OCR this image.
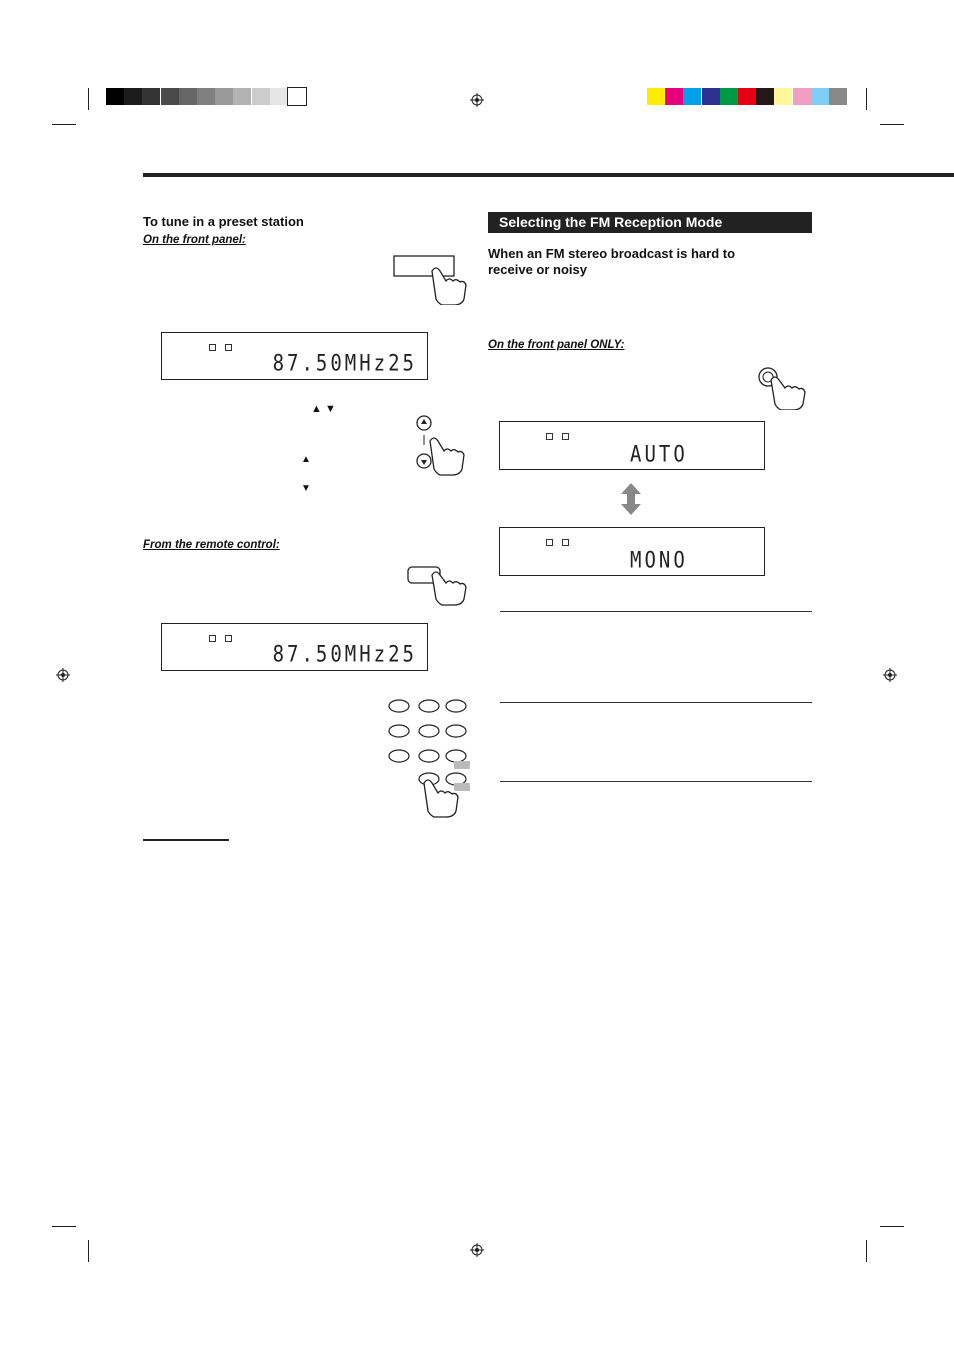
To tune in a preset station
On the front panel:
87.50MHz25
▲ ▼
▲
▼
From the remote control:
87.50MHz25
Selecting the FM Reception Mode
When an FM stereo broadcast is hard to
receive or noisy
On the front panel ONLY:
AUTO
MONO
